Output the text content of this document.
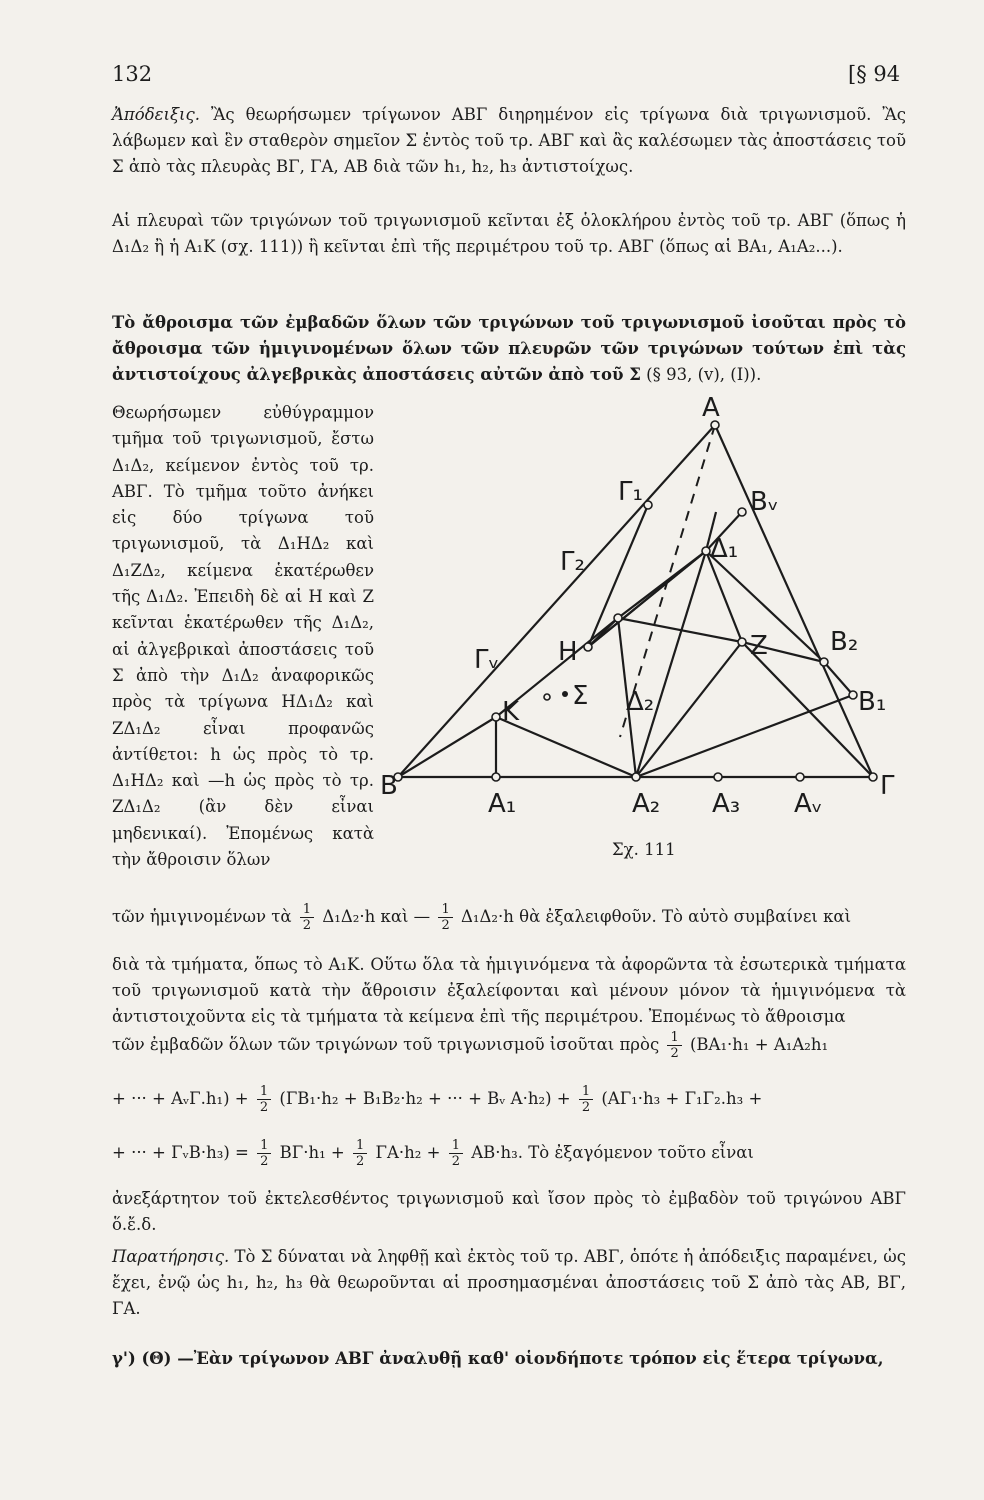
132	[§ 94

Ἀπόδειξις. Ἂς θεωρήσωμεν τρίγωνον ΑΒΓ διηρημένον εἰς τρίγωνα διὰ τριγωνισμοῦ. Ἂς λάβωμεν καὶ ἓν σταθερὸν σημεῖον Σ ἐντὸς τοῦ τρ. ΑΒΓ καὶ ἂς καλέσωμεν τὰς ἀποστάσεις τοῦ Σ ἀπὸ τὰς πλευρὰς ΒΓ, ΓΑ, ΑΒ διὰ τῶν h₁, h₂, h₃ ἀντιστοίχως.

Αἱ πλευραὶ τῶν τριγώνων τοῦ τριγωνισμοῦ κεῖνται ἐξ ὁλοκλήρου ἐντὸς τοῦ τρ. ΑΒΓ (ὅπως ἡ Δ₁Δ₂ ἢ ἡ Α₁Κ (σχ. 111)) ἢ κεῖνται ἐπὶ τῆς περιμέτρου τοῦ τρ. ΑΒΓ (ὅπως αἱ ΒΑ₁, Α₁Α₂...).

Τὸ ἄθροισμα τῶν ἐμβαδῶν ὅλων τῶν τριγώνων τοῦ τριγωνισμοῦ ἰσοῦται πρὸς τὸ ἄθροισμα τῶν ἡμιγινομένων ὅλων τῶν πλευρῶν τῶν τριγώνων τούτων ἐπὶ τὰς ἀντιστοίχους ἀλγεβρικὰς ἀποστάσεις αὐτῶν ἀπὸ τοῦ Σ (§ 93, (v), (I)).

Θεωρήσωμεν εὐθύγραμμον τμῆμα τοῦ τριγωνισμοῦ, ἔστω Δ₁Δ₂, κείμενον ἐντὸς τοῦ τρ. ΑΒΓ. Τὸ τμῆμα τοῦτο ἀνήκει εἰς δύο τρίγωνα τοῦ τριγωνισμοῦ, τὰ Δ₁ΗΔ₂ καὶ Δ₁ΖΔ₂, κείμενα ἑκατέρωθεν τῆς Δ₁Δ₂. Ἐπειδὴ δὲ αἱ Η καὶ Ζ κεῖνται ἑκατέρωθεν τῆς Δ₁Δ₂, αἱ ἀλγεβρικαὶ ἀποστάσεις τοῦ Σ ἀπὸ τὴν Δ₁Δ₂ ἀναφορικῶς πρὸς τὰ τρίγωνα ΗΔ₁Δ₂ καὶ ΖΔ₁Δ₂ εἶναι προφανῶς ἀντίθετοι: h ὡς πρὸς τὸ τρ. Δ₁ΗΔ₂ καὶ —h ὡς πρὸς τὸ τρ. ΖΔ₁Δ₂ (ἂν δὲν εἶναι μηδενικαί). Ἐπομένως κατὰ τὴν ἄθροισιν ὅλων

A
B	Γ
Γ₁
Γ₂
Γᵥ
Bᵥ
B₂
B₁
Δ₁
Δ₂
H	Z
K
Σ
A₁	A₂ A₃ Aᵥ
Σχ. 111
τῶν ἡμιγινομένων τὰ $\frac{1}{2} \Delta_1\Delta_2\cdot h$ καὶ — $\frac{1}{2} \Delta_1\Delta_2\cdot h$ θὰ ἐξαλειφθοῦν. Τὸ αὐτὸ συμβαίνει καὶ

διὰ τὰ τμήματα, ὅπως τὸ Α₁Κ. Οὕτω ὅλα τὰ ἡμιγινόμενα τὰ ἀφορῶντα τὰ ἐσωτερικὰ τμήματα τοῦ τριγωνισμοῦ κατὰ τὴν ἄθροισιν ἐξαλείφονται καὶ μένουν μόνον τὰ ἡμιγινόμενα τὰ ἀντιστοιχοῦντα εἰς τὰ τμήματα τὰ κείμενα ἐπὶ τῆς περιμέτρου. Ἐπομένως τὸ ἄθροισμα

τῶν ἐμβαδῶν ὅλων τῶν τριγώνων τοῦ τριγωνισμοῦ ἰσοῦται πρὸς $\frac{1}{2} (BA_1\cdot h_1 + A_1A_2h_1$
+ ··· + AᵥΓ.h₁) + $\frac{1}{2} (\Gamma B_1\cdot h_2 + B_1B_2\cdot h_2$ + ··· + Βᵥ $A\cdot h_2) + \frac{1}{2} (A\Gamma_1\cdot h_3 + \Gamma_1\Gamma_2.h_3$ +
+ ··· + ΓᵥΒ·h₃) = $\frac{1}{2} B\Gamma\cdot h_1 + \frac{1}{2} \Gamma A\cdot h_2 + \frac{1}{2} AB\cdot h_3$. Τὸ ἐξαγόμενον τοῦτο εἶναι

ἀνεξάρτητον τοῦ ἐκτελεσθέντος τριγωνισμοῦ καὶ ἴσον πρὸς τὸ ἐμβαδὸν τοῦ τριγώνου ΑΒΓ ὅ.ἔ.δ.

Παρατήρησις. Τὸ Σ δύναται νὰ ληφθῇ καὶ ἐκτὸς τοῦ τρ. ΑΒΓ, ὁπότε ἡ ἀπόδειξις παραμένει, ὡς ἔχει, ἐνῷ ὡς h₁, h₂, h₃ θὰ θεωροῦνται αἱ προσημασμέναι ἀποστάσεις τοῦ Σ ἀπὸ τὰς ΑΒ, ΒΓ, ΓΑ.

γ') (Θ) —Ἐὰν τρίγωνον ΑΒΓ ἀναλυθῇ καθ' οἱονδήποτε τρόπον εἰς ἕτερα τρίγωνα,
